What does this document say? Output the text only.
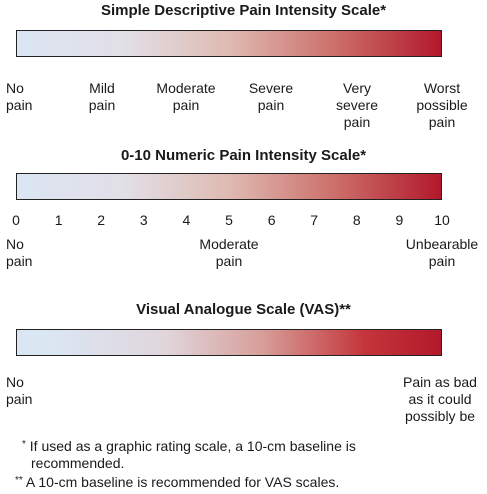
Simple Descriptive Pain Intensity Scale*
No
pain
Mild
pain
Moderate
pain
Severe
pain
Very
severe
pain
Worst
possible
pain
0-10 Numeric Pain Intensity Scale*
0 1 2 3 4 5 6 7 8 9 10
No
pain
Moderate
pain
Unbearable
pain
Visual Analogue Scale (VAS)**
No
pain
Pain as bad
as it could
possibly be
* If used as a graphic rating scale, a 10-cm baseline is
recommended.
** A 10-cm baseline is recommended for VAS scales.
